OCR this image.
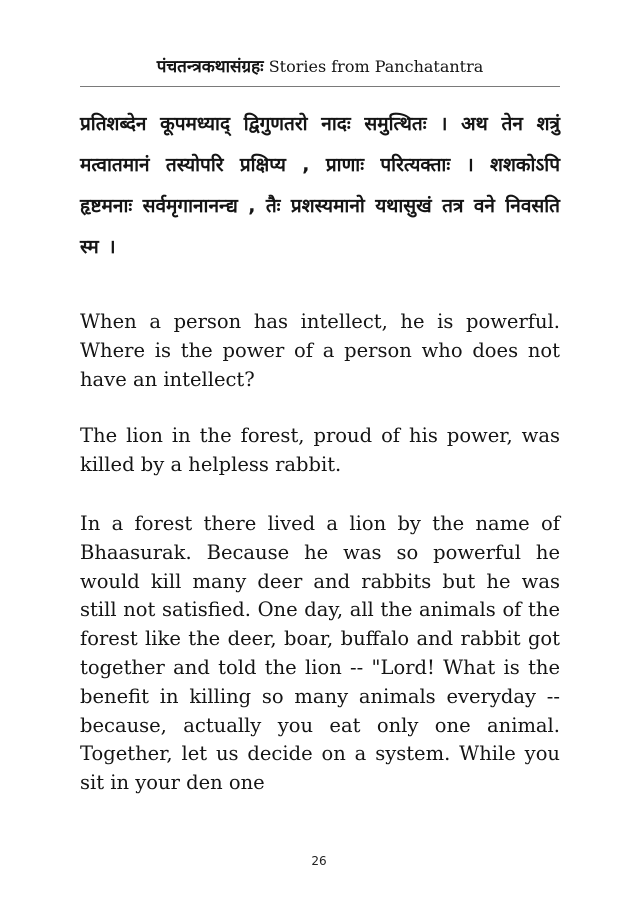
पंचतन्त्रकथासंग्रहः Stories from Panchatantra

प्रतिशब्देन कूपमध्याद् द्विगुणतरो नादः समुत्थितः । अथ तेन शत्रुं मत्वातमानं तस्योपरि प्रक्षिप्य , प्राणाः परित्यक्ताः । शशकोऽपि हृष्टमनाः सर्वमृगानानन्द्य , तैः प्रशस्यमानो यथासुखं तत्र वने निवसति स्म ।

When a person has intellect, he is powerful. Where is the power of a person who does not have an intellect?

The lion in the forest, proud of his power, was killed by a helpless rabbit.

In a forest there lived a lion by the name of Bhaasurak. Because he was so powerful he would kill many deer and rabbits but he was still not satisfied. One day, all the animals of the forest like the deer, boar, buffalo and rabbit got together and told the lion -- "Lord! What is the benefit in killing so many animals everyday -- because, actually you eat only one animal. Together, let us decide on a system. While you sit in your den one

26
